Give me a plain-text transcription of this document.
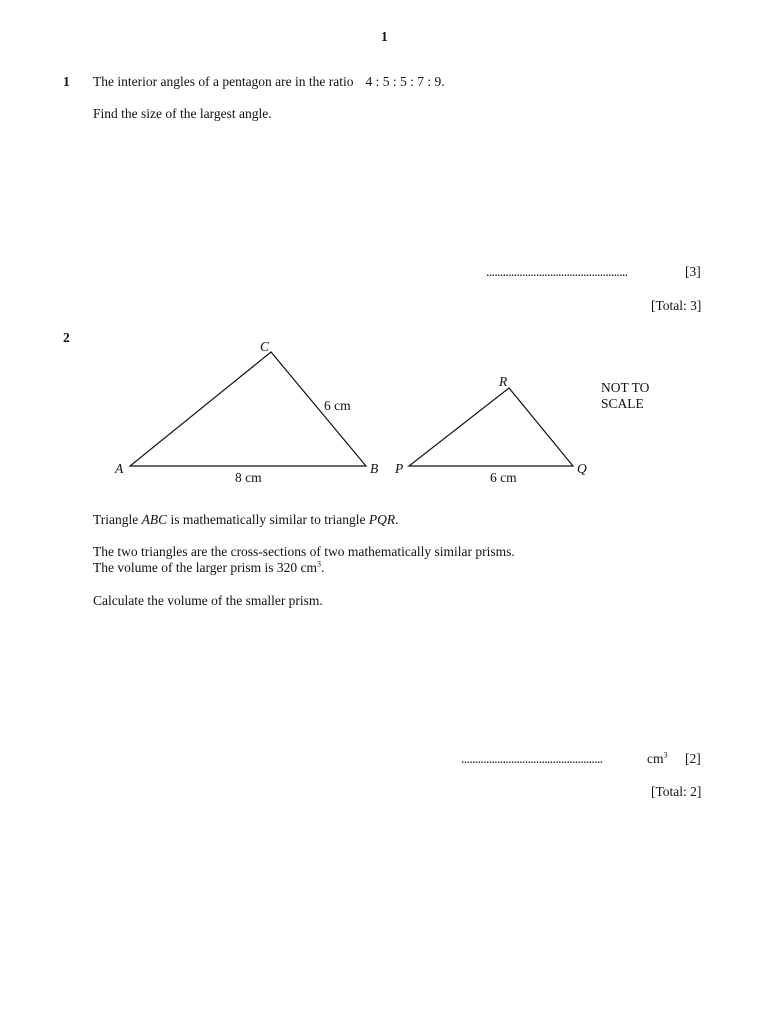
1
1 The interior angles of a pentagon are in the ratio 4 : 5 : 5 : 7 : 9.
Find the size of the largest angle.
...................................................	[3]
[Total: 3]
2
A	B
C
6 cm
8 cm
P	Q
R
6 cm
NOT TO
SCALE
Triangle ABC is mathematically similar to triangle PQR.
The two triangles are the cross-sections of two mathematically similar prisms.
The volume of the larger prism is 320 $cm^3$.
Calculate the volume of the smaller prism.
...................................................	$cm^3$ [2]
[Total: 2]
